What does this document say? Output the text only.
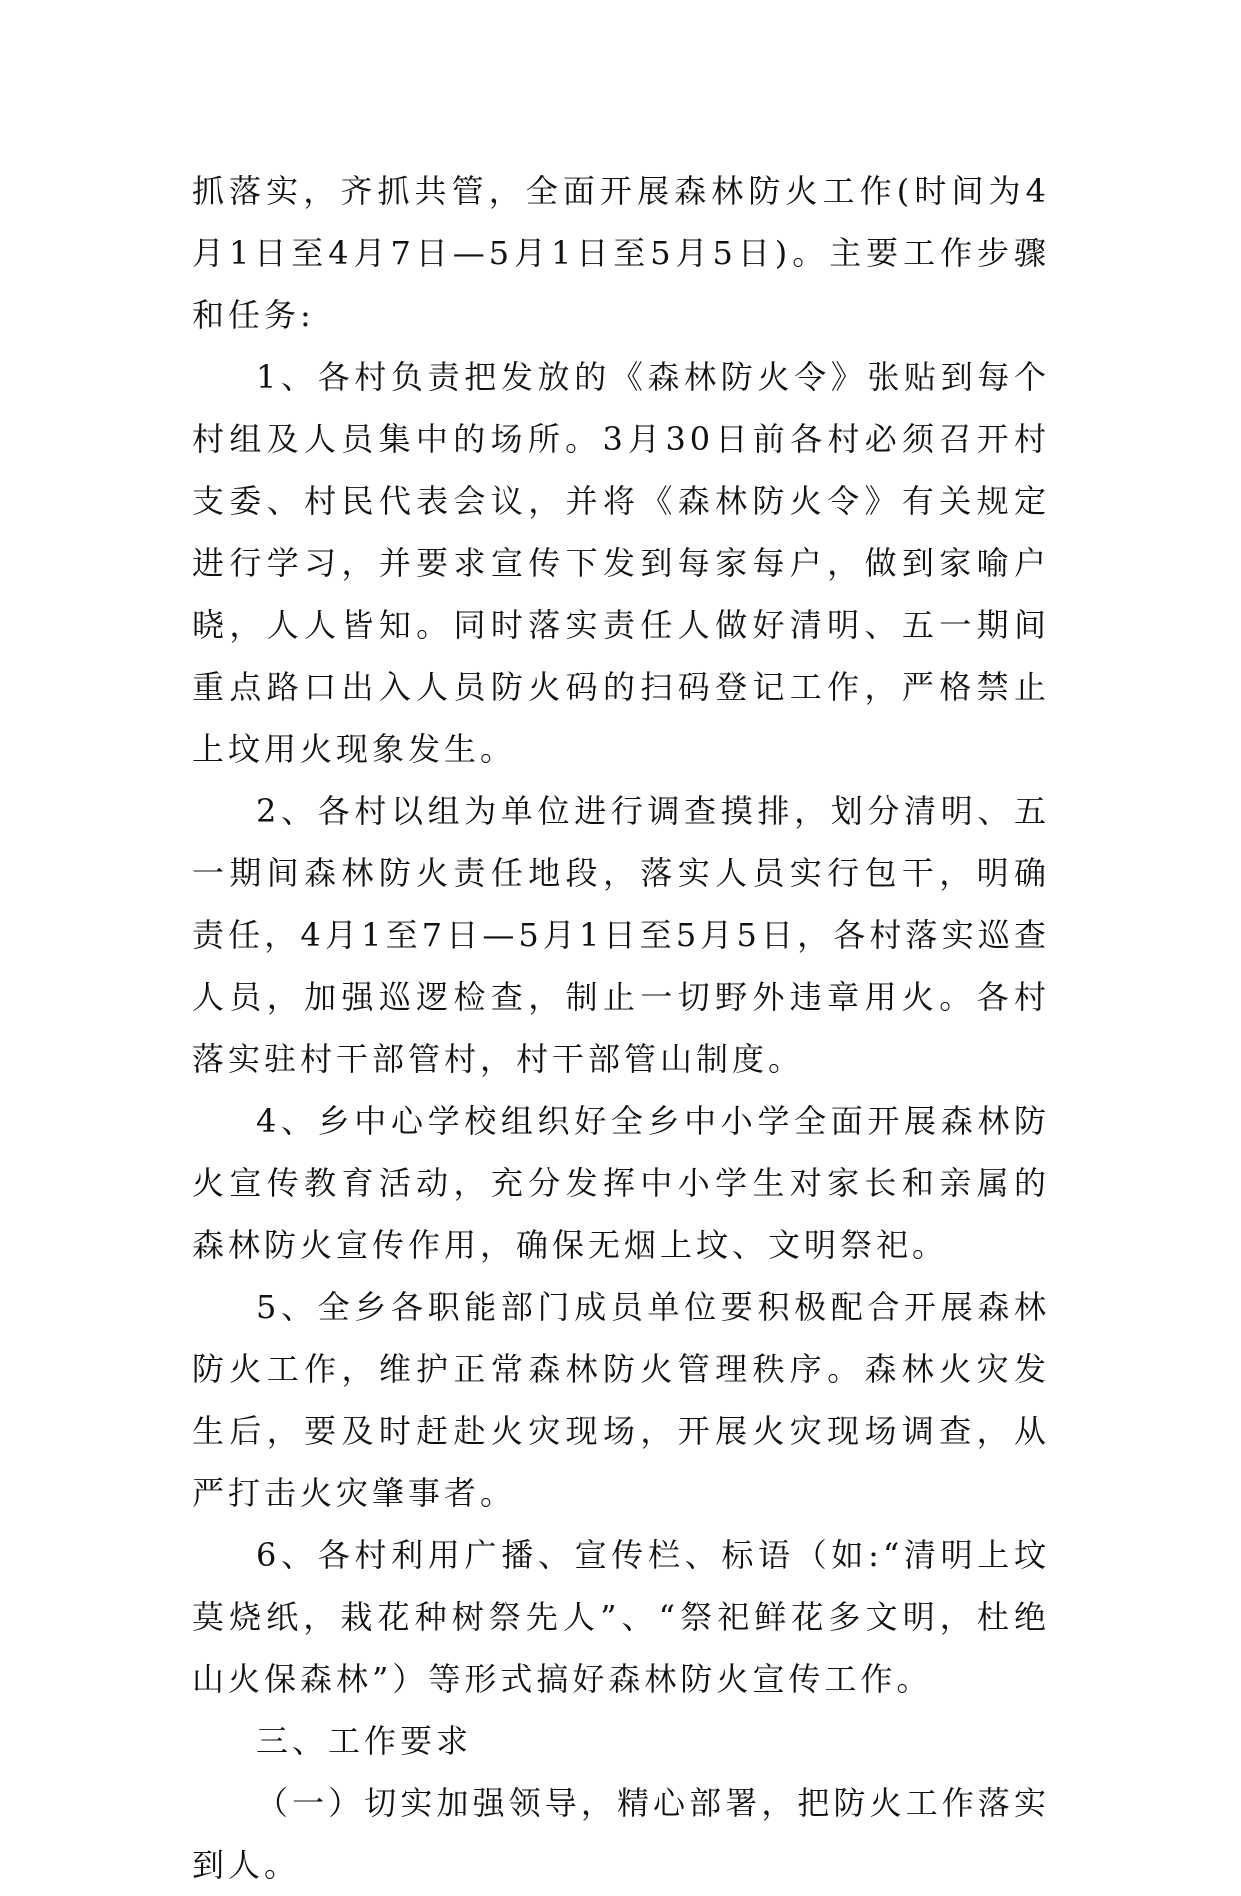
抓落实，齐抓共管，全面开展森林防火工作(时间为4月1日至4月7日—5月1日至5月5日)。主要工作步骤和任务:

1、各村负责把发放的《森林防火令》张贴到每个村组及人员集中的场所。3月30日前各村必须召开村支委、村民代表会议，并将《森林防火令》有关规定进行学习，并要求宣传下发到每家每户，做到家喻户晓，人人皆知。同时落实责任人做好清明、五一期间重点路口出入人员防火码的扫码登记工作，严格禁止上坟用火现象发生。

2、各村以组为单位进行调查摸排，划分清明、五一期间森林防火责任地段，落实人员实行包干，明确责任，4月1至7日—5月1日至5月5日，各村落实巡查人员，加强巡逻检查，制止一切野外违章用火。各村落实驻村干部管村，村干部管山制度。

4、乡中心学校组织好全乡中小学全面开展森林防火宣传教育活动，充分发挥中小学生对家长和亲属的森林防火宣传作用，确保无烟上坟、文明祭祀。

5、全乡各职能部门成员单位要积极配合开展森林防火工作，维护正常森林防火管理秩序。森林火灾发生后，要及时赶赴火灾现场，开展火灾现场调查，从严打击火灾肇事者。

6、各村利用广播、宣传栏、标语（如:“清明上坟莫烧纸，栽花种树祭先人”、“祭祀鲜花多文明，杜绝山火保森林”）等形式搞好森林防火宣传工作。

三、工作要求

（一）切实加强领导，精心部署，把防火工作落实到人。
